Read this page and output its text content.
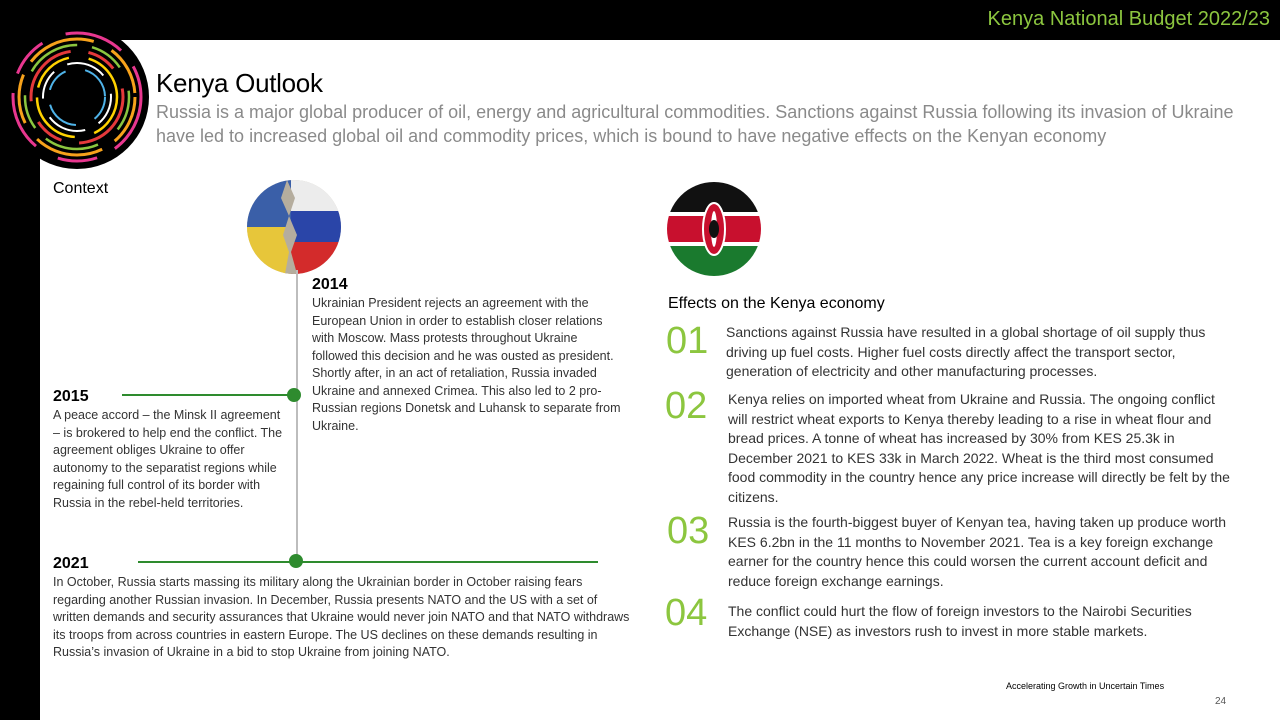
Kenya National Budget 2022/23
Kenya Outlook
Russia is a major global producer of oil, energy and agricultural commodities. Sanctions against Russia following its invasion of Ukraine have led to increased global oil and commodity prices, which is bound to have negative effects on the Kenyan economy
Context
2014
Ukrainian President rejects an agreement with the European Union in order to establish closer relations with Moscow. Mass protests throughout Ukraine followed this decision and he was ousted as president. Shortly after, in an act of retaliation, Russia invaded Ukraine and annexed Crimea. This also led to 2 pro-Russian regions Donetsk and Luhansk to separate from Ukraine.
2015
A peace accord – the Minsk II agreement – is brokered to help end the conflict. The agreement obliges Ukraine to offer autonomy to the separatist regions while regaining full control of its border with Russia in the rebel-held territories.
2021
In October, Russia starts massing its military along the Ukrainian border in October raising fears regarding another Russian invasion. In December, Russia presents NATO and the US with a set of written demands and security assurances that Ukraine would never join NATO and that NATO withdraws its troops from across countries in eastern Europe. The US declines on these demands resulting in Russia’s invasion of Ukraine in a bid to stop Ukraine from joining NATO.
Effects on the Kenya economy
01 Sanctions against Russia have resulted in a global shortage of oil supply thus driving up fuel costs. Higher fuel costs directly affect the transport sector, generation of electricity and other manufacturing processes.
02 Kenya relies on imported wheat from Ukraine and Russia. The ongoing conflict will restrict wheat exports to Kenya thereby leading to a rise in wheat flour and bread prices. A tonne of wheat has increased by 30% from KES 25.3k in December 2021 to KES 33k in March 2022. Wheat is the third most consumed food commodity in the country hence any price increase will directly be felt by the citizens.
03 Russia is the fourth-biggest buyer of Kenyan tea, having taken up produce worth KES 6.2bn in the 11 months to November 2021. Tea is a key foreign exchange earner for the country hence this could worsen the current account deficit and reduce foreign exchange earnings.
04 The conflict could hurt the flow of foreign investors to the Nairobi Securities Exchange (NSE) as investors rush to invest in more stable markets.
Accelerating Growth in Uncertain Times
24
